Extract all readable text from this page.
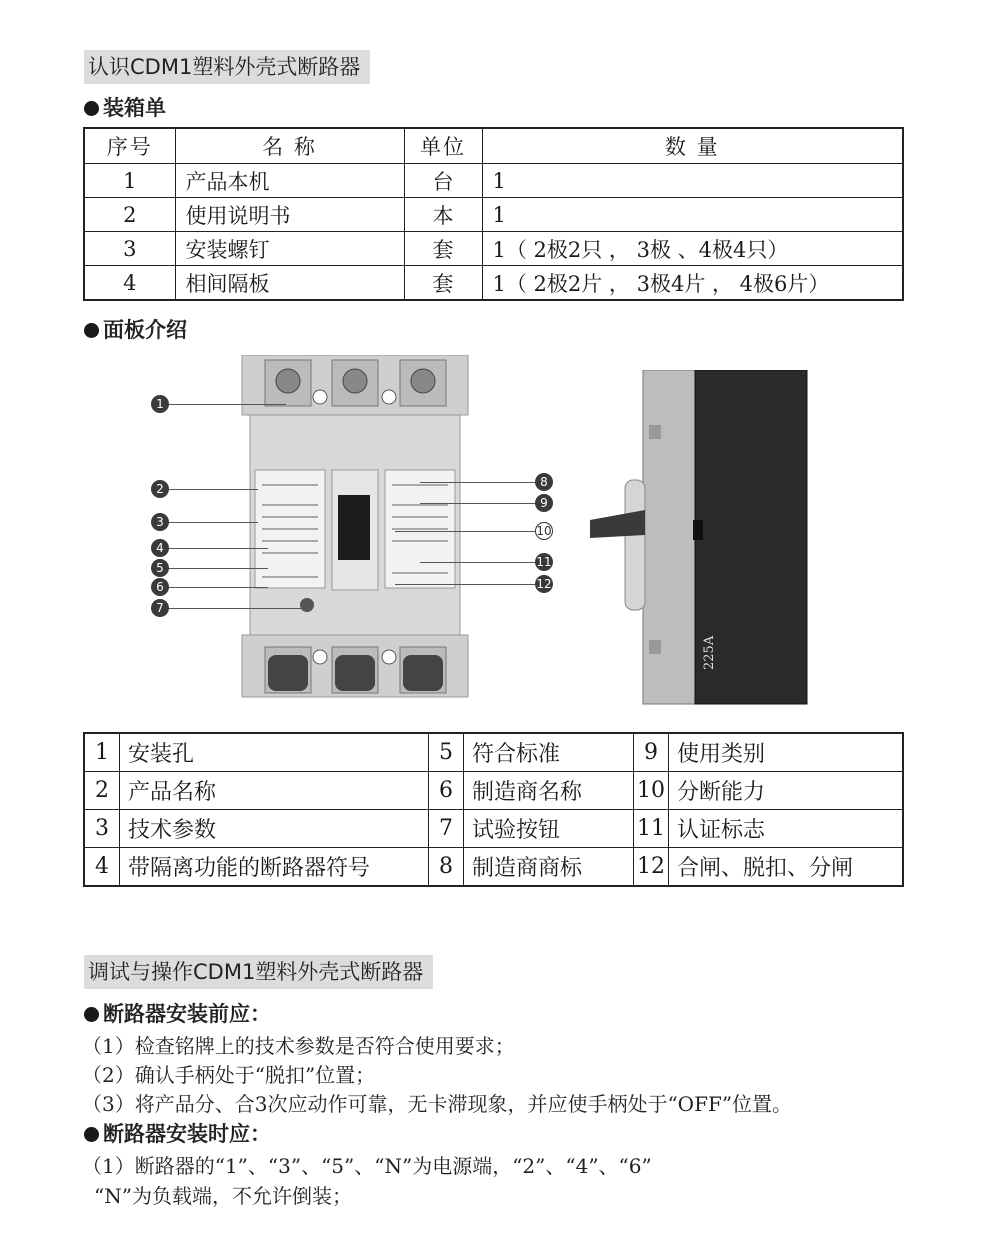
认识CDM1塑料外壳式断路器
装箱单
序号	名 称	单位	数 量
1	产品本机	台	1
2	使用说明书	本	1
3	安装螺钉	套	1（ 2极2只 ， 3极 、4极4只）
4	相间隔板	套	1（ 2极2片 ， 3极4片 ， 4极6片）
面板介绍
225A
1
2
3
4
5
6
7
8
9
10
11
12
1	安装孔	5	符合标准	9	使用类别
2	产品名称	6	制造商名称	10	分断能力
3	技术参数	7	试验按钮	11	认证标志
4	带隔离功能的断路器符号	8	制造商商标	12	合闸、脱扣、分闸
调试与操作CDM1塑料外壳式断路器
断路器安装前应：
（1）检查铭牌上的技术参数是否符合使用要求；
（2）确认手柄处于“脱扣”位置；
（3）将产品分、合3次应动作可靠，无卡滞现象，并应使手柄处于“OFF”位置。
断路器安装时应：
（1）断路器的“1”、“3”、“5”、“N”为电源端，“2”、“4”、“6”
“N”为负载端，不允许倒装；
